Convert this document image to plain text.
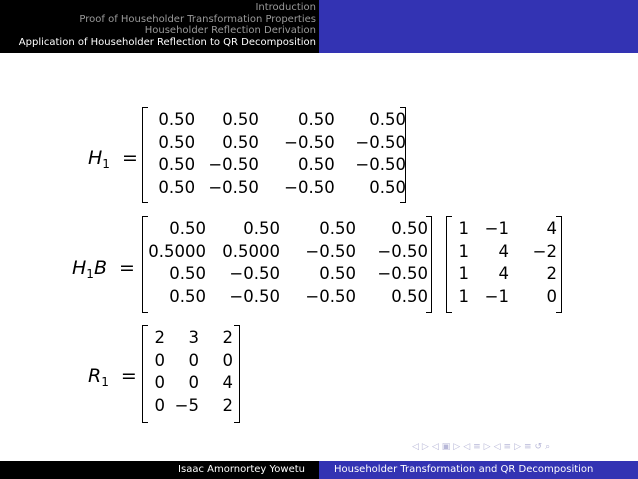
Introduction
Proof of Householder Transformation Properties
Householder Reflection Derivation
Application of Householder Reflection to QR Decomposition
$H_1$ =
0.50	0.50	0.50	0.50
0.50	0.50	−0.50	−0.50
0.50	−0.50	0.50	−0.50
0.50	−0.50	−0.50	0.50
$H_1B$ =
0.50	0.50	0.50	0.50
0.5000	0.5000	−0.50	−0.50
0.50	−0.50	0.50	−0.50
0.50	−0.50	−0.50	0.50
1	−1	4
1	4	−2
1	4	2
1	−1	0
$R_1$ =
2	3	2
0	0	0
0	0	4
0	−5	2
◁ ▷ ◁ ▣ ▷ ◁ ≡ ▷ ◁ ≡ ▷ ≡ ↺ ⌕
Isaac Amornortey Yowetu	Householder Transformation and QR Decomposition
